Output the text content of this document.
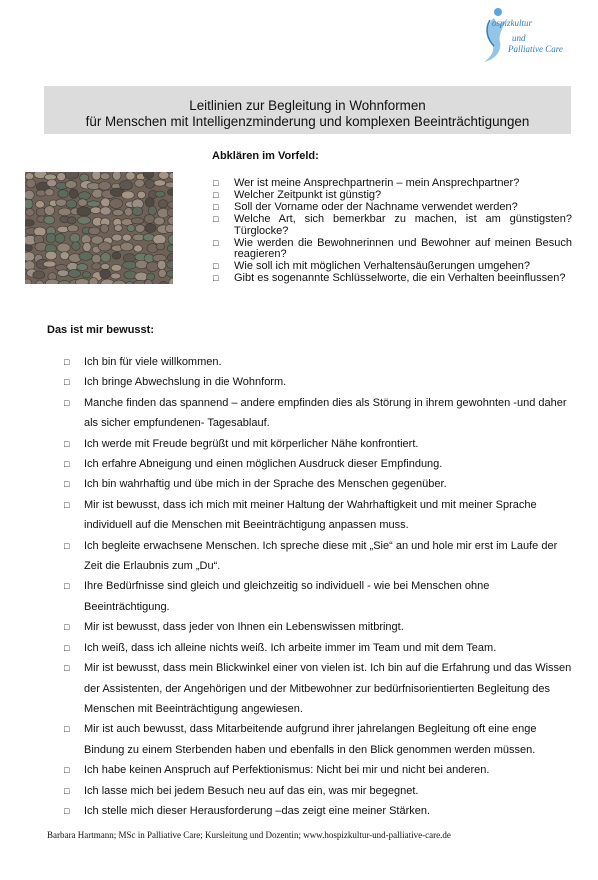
ospizkultur
und
Palliative Care
Leitlinien zur Begleitung in Wohnformen
für Menschen mit Intelligenzminderung und komplexen Beeinträchtigungen
Abklären im Vorfeld:
□ Wer ist meine Ansprechpartnerin – mein Ansprechpartner?
□ Welcher Zeitpunkt ist günstig?
□ Soll der Vorname oder der Nachname verwendet werden?
□ Welche Art, sich bemerkbar zu machen, ist am günstigsten? Türglocke?
□ Wie werden die Bewohnerinnen und Bewohner auf meinen Besuch reagieren?
□ Wie soll ich mit möglichen Verhaltensäußerungen umgehen?
□ Gibt es sogenannte Schlüsselworte, die ein Verhalten beeinflussen?
Das ist mir bewusst:
□ Ich bin für viele willkommen.
□ Ich bringe Abwechslung in die Wohnform.
□ Manche finden das spannend – andere empfinden dies als Störung in ihrem gewohnten -und daher als sicher empfundenen- Tagesablauf.
□ Ich werde mit Freude begrüßt und mit körperlicher Nähe konfrontiert.
□ Ich erfahre Abneigung und einen möglichen Ausdruck dieser Empfindung.
□ Ich bin wahrhaftig und übe mich in der Sprache des Menschen gegenüber.
□ Mir ist bewusst, dass ich mich mit meiner Haltung der Wahrhaftigkeit und mit meiner Sprache individuell auf die Menschen mit Beeinträchtigung anpassen muss.
□ Ich begleite erwachsene Menschen. Ich spreche diese mit „Sie“ an und hole mir erst im Laufe der Zeit die Erlaubnis zum „Du“.
□ Ihre Bedürfnisse sind gleich und gleichzeitig so individuell - wie bei Menschen ohne Beeinträchtigung.
□ Mir ist bewusst, dass jeder von Ihnen ein Lebenswissen mitbringt.
□ Ich weiß, dass ich alleine nichts weiß. Ich arbeite immer im Team und mit dem Team.
□ Mir ist bewusst, dass mein Blickwinkel einer von vielen ist. Ich bin auf die Erfahrung und das Wissen der Assistenten, der Angehörigen und der Mitbewohner zur bedürfnisorientierten Begleitung des Menschen mit Beeinträchtigung angewiesen.
□ Mir ist auch bewusst, dass Mitarbeitende aufgrund ihrer jahrelangen Begleitung oft eine enge Bindung zu einem Sterbenden haben und ebenfalls in den Blick genommen werden müssen.
□ Ich habe keinen Anspruch auf Perfektionismus: Nicht bei mir und nicht bei anderen.
□ Ich lasse mich bei jedem Besuch neu auf das ein, was mir begegnet.
□ Ich stelle mich dieser Herausforderung –das zeigt eine meiner Stärken.
Barbara Hartmann; MSc in Palliative Care; Kursleitung und Dozentin; www.hospizkultur-und-palliative-care.de
